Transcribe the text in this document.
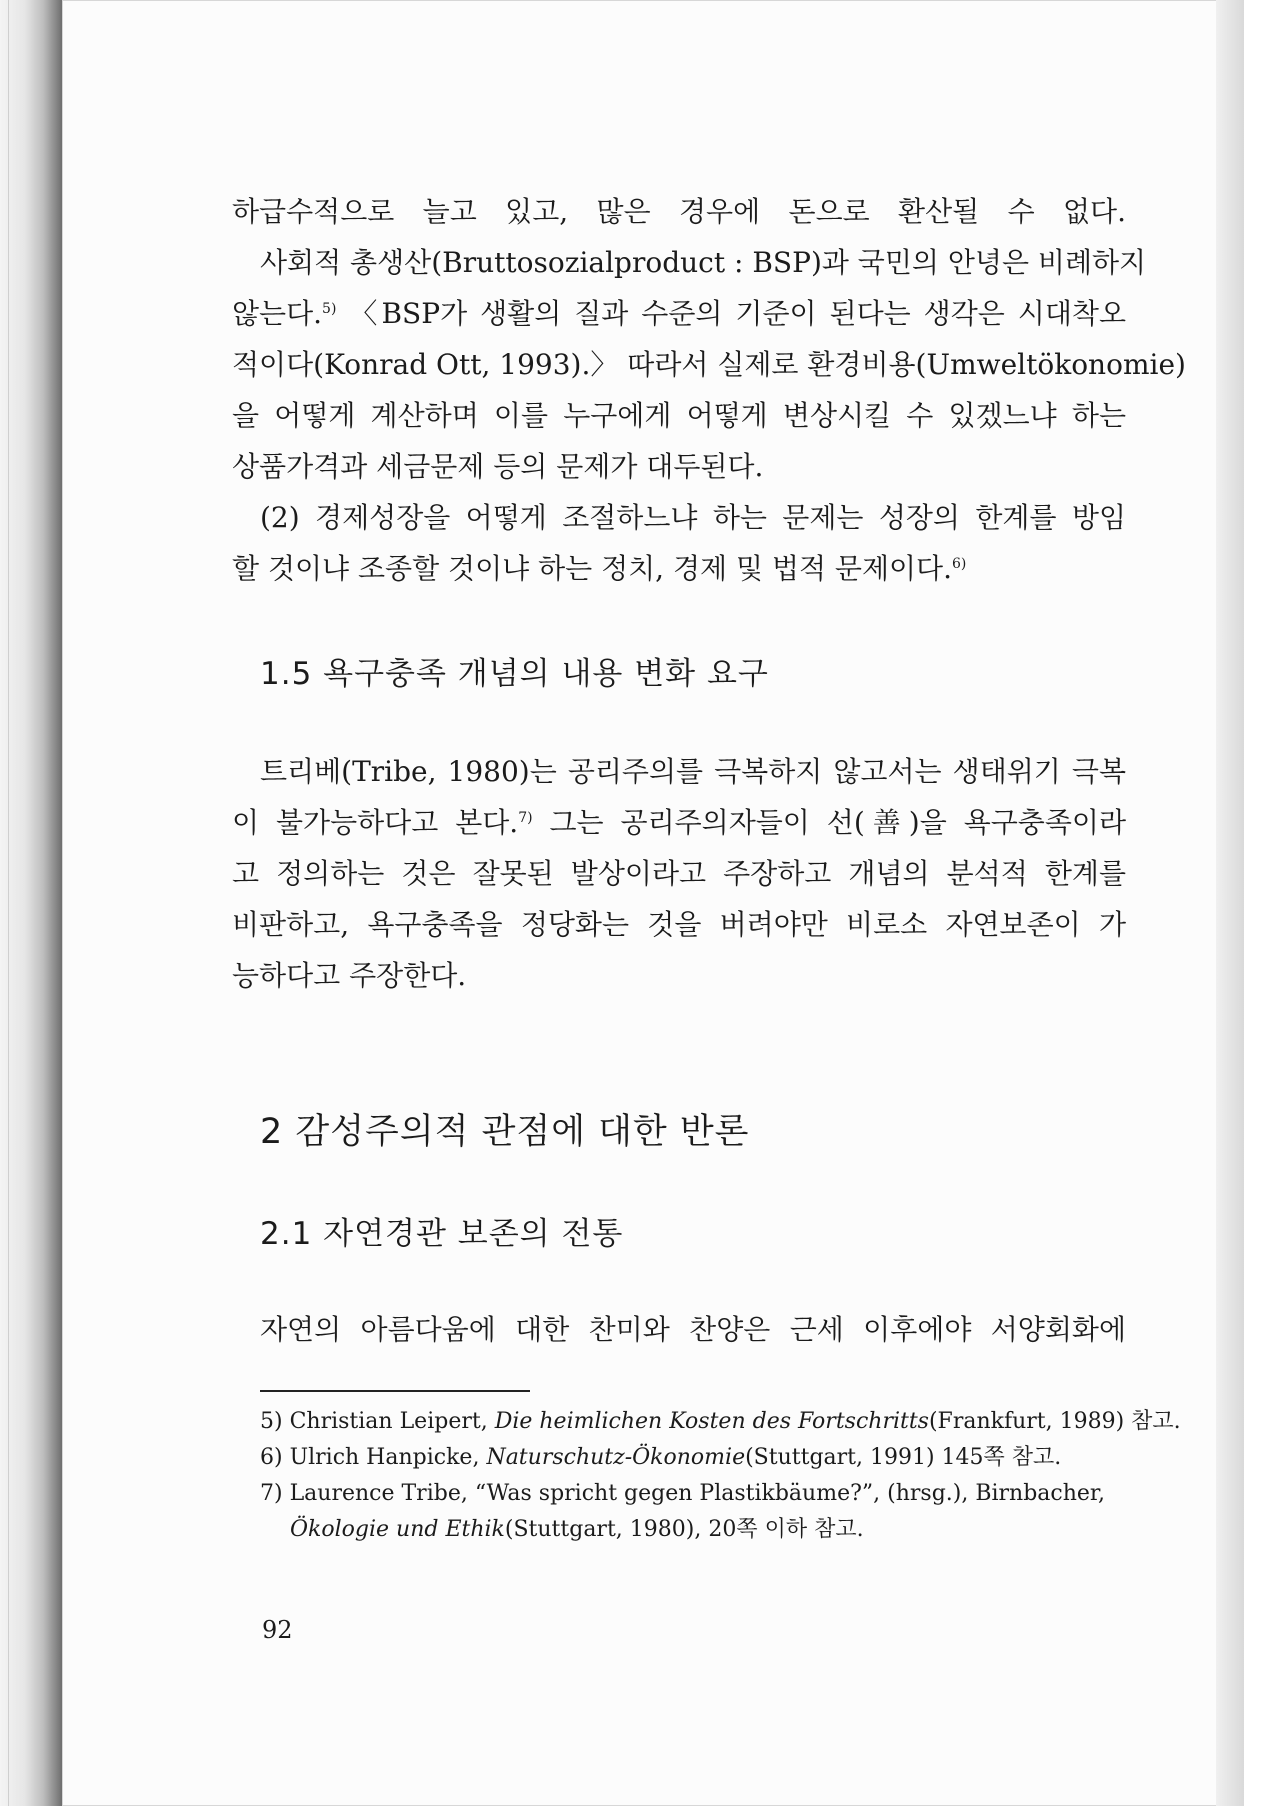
하급수적으로 늘고 있고, 많은 경우에 돈으로 환산될 수 없다.
사회적 총생산(Bruttosozialproduct : BSP)과 국민의 안녕은 비례하지
않는다.$^{5)}$ 〈BSP가 생활의 질과 수준의 기준이 된다는 생각은 시대착오
적이다(Konrad Ott, 1993).〉 따라서 실제로 환경비용(Umweltökonomie)
을 어떻게 계산하며 이를 누구에게 어떻게 변상시킬 수 있겠느냐 하는
상품가격과 세금문제 등의 문제가 대두된다.
(2) 경제성장을 어떻게 조절하느냐 하는 문제는 성장의 한계를 방임
할 것이냐 조종할 것이냐 하는 정치, 경제 및 법적 문제이다.$^{6)}$
1.5 욕구충족 개념의 내용 변화 요구
트리베(Tribe, 1980)는 공리주의를 극복하지 않고서는 생태위기 극복
이 불가능하다고 본다.$^{7)}$ 그는 공리주의자들이 선(善)을 욕구충족이라
고 정의하는 것은 잘못된 발상이라고 주장하고 개념의 분석적 한계를
비판하고, 욕구충족을 정당화는 것을 버려야만 비로소 자연보존이 가
능하다고 주장한다.
2 감성주의적 관점에 대한 반론
2.1 자연경관 보존의 전통
자연의 아름다움에 대한 찬미와 찬양은 근세 이후에야 서양회화에
5) Christian Leipert, Die heimlichen Kosten des Fortschritts(Frankfurt, 1989) 참고.
6) Ulrich Hanpicke, Naturschutz-Ökonomie(Stuttgart, 1991) 145쪽 참고.
7) Laurence Tribe, “Was spricht gegen Plastikbäume?”, (hrsg.), Birnbacher,
Ökologie und Ethik(Stuttgart, 1980), 20쪽 이하 참고.
92
